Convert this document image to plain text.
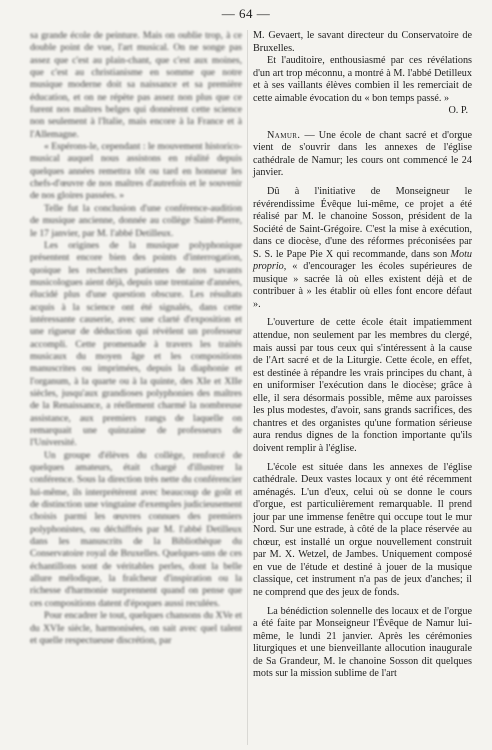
— 64 —

sa grande école de peinture. Mais on oublie trop, à ce double point de vue, l'art musical. On ne songe pas assez que c'est au plain-chant, que c'est aux moines, que c'est au christianisme en somme que notre musique moderne doit sa naissance et sa première éducation, et on ne répète pas assez non plus que ce furent nos maîtres belges qui donnèrent cette science non seulement à l'Italie, mais encore à la France et à l'Allemagne.

« Espérons-le, cependant : le mouvement historico-musical auquel nous assistons en réalité depuis quelques années remettra tôt ou tard en honneur les chefs-d'œuvre de nos maîtres d'autrefois et le souvenir de nos gloires passées. »

Telle fut la conclusion d'une conférence-audition de musique ancienne, donnée au collège Saint-Pierre, le 17 janvier, par M. l'abbé Detilleux.

Les origines de la musique polyphonique présentent encore bien des points d'interrogation, quoique les recherches patientes de nos savants musicologues aient déjà, depuis une trentaine d'années, élucidé plus d'une question obscure. Les résultats acquis à la science ont été signalés, dans cette intéressante causerie, avec une clarté d'exposition et une rigueur de déduction qui révèlent un professeur accompli. Cette promenade à travers les traités musicaux du moyen âge et les compositions manuscrites ou imprimées, depuis la diaphonie et l'organum, à la quarte ou à la quinte, des XIe et XIIe siècles, jusqu'aux grandioses polyphonies des maîtres de la Renaissance, a réellement charmé la nombreuse assistance, aux premiers rangs de laquelle on remarquait une quinzaine de professeurs de l'Université.

Un groupe d'élèves du collège, renforcé de quelques amateurs, était chargé d'illustrer la conférence. Sous la direction très nette du conférencier lui-même, ils interprétèrent avec beaucoup de goût et de distinction une vingtaine d'exemples judicieusement choisis parmi les œuvres connues des premiers polyphonistes, ou déchiffrés par M. l'abbé Detilleux dans les manuscrits de la Bibliothèque du Conservatoire royal de Bruxelles. Quelques-uns de ces échantillons sont de véritables perles, dont la belle allure mélodique, la fraîcheur d'inspiration ou la richesse d'harmonie surprennent quand on pense que ces compositions datent d'époques aussi reculées.

Pour encadrer le tout, quelques chansons du XVe et du XVIe siècle, harmonisées, on sait avec quel talent et quelle respectueuse discrétion, par

M. Gevaert, le savant directeur du Conservatoire de Bruxelles.

Et l'auditoire, enthousiasmé par ces révélations d'un art trop méconnu, a montré à M. l'abbé Detilleux et à ses vaillants élèves combien il les remerciait de cette aimable évocation du « bon temps passé. »

O. P.

Namur. — Une école de chant sacré et d'orgue vient de s'ouvrir dans les annexes de l'église cathédrale de Namur; les cours ont commencé le 24 janvier.

Dû à l'initiative de Monseigneur le révérendissime Évêque lui-même, ce projet a été réalisé par M. le chanoine Sosson, président de la Société de Saint-Grégoire. C'est la mise à exécution, dans ce diocèse, d'une des réformes préconisées par S. S. le Pape Pie X qui recommande, dans son Motu proprio, « d'encourager les écoles supérieures de musique » sacrée là où elles existent déjà et de contribuer à » les établir où elles font encore défaut ».

L'ouverture de cette école était impatiemment attendue, non seulement par les membres du clergé, mais aussi par tous ceux qui s'intéressent à la cause de l'Art sacré et de la Liturgie. Cette école, en effet, est destinée à répandre les vrais principes du chant, à en uniformiser l'exécution dans le diocèse; grâce à elle, il sera désormais possible, même aux paroisses les plus modestes, d'avoir, sans grands sacrifices, des chantres et des organistes qu'une formation sérieuse aura rendus dignes de la fonction importante qu'ils doivent remplir à l'église.

L'école est située dans les annexes de l'église cathédrale. Deux vastes locaux y ont été récemment aménagés. L'un d'eux, celui où se donne le cours d'orgue, est particulièrement remarquable. Il prend jour par une immense fenêtre qui occupe tout le mur Nord. Sur une estrade, à côté de la place réservée au chœur, est installé un orgue nouvellement construit par M. X. Wetzel, de Jambes. Uniquement composé en vue de l'étude et destiné à jouer de la musique classique, cet instrument n'a pas de jeux d'anches; il ne comprend que des jeux de fonds.

La bénédiction solennelle des locaux et de l'orgue a été faite par Monseigneur l'Évêque de Namur lui-même, le lundi 21 janvier. Après les cérémonies liturgiques et une bienveillante allocution inaugurale de Sa Grandeur, M. le chanoine Sosson dit quelques mots sur la mission sublime de l'art
